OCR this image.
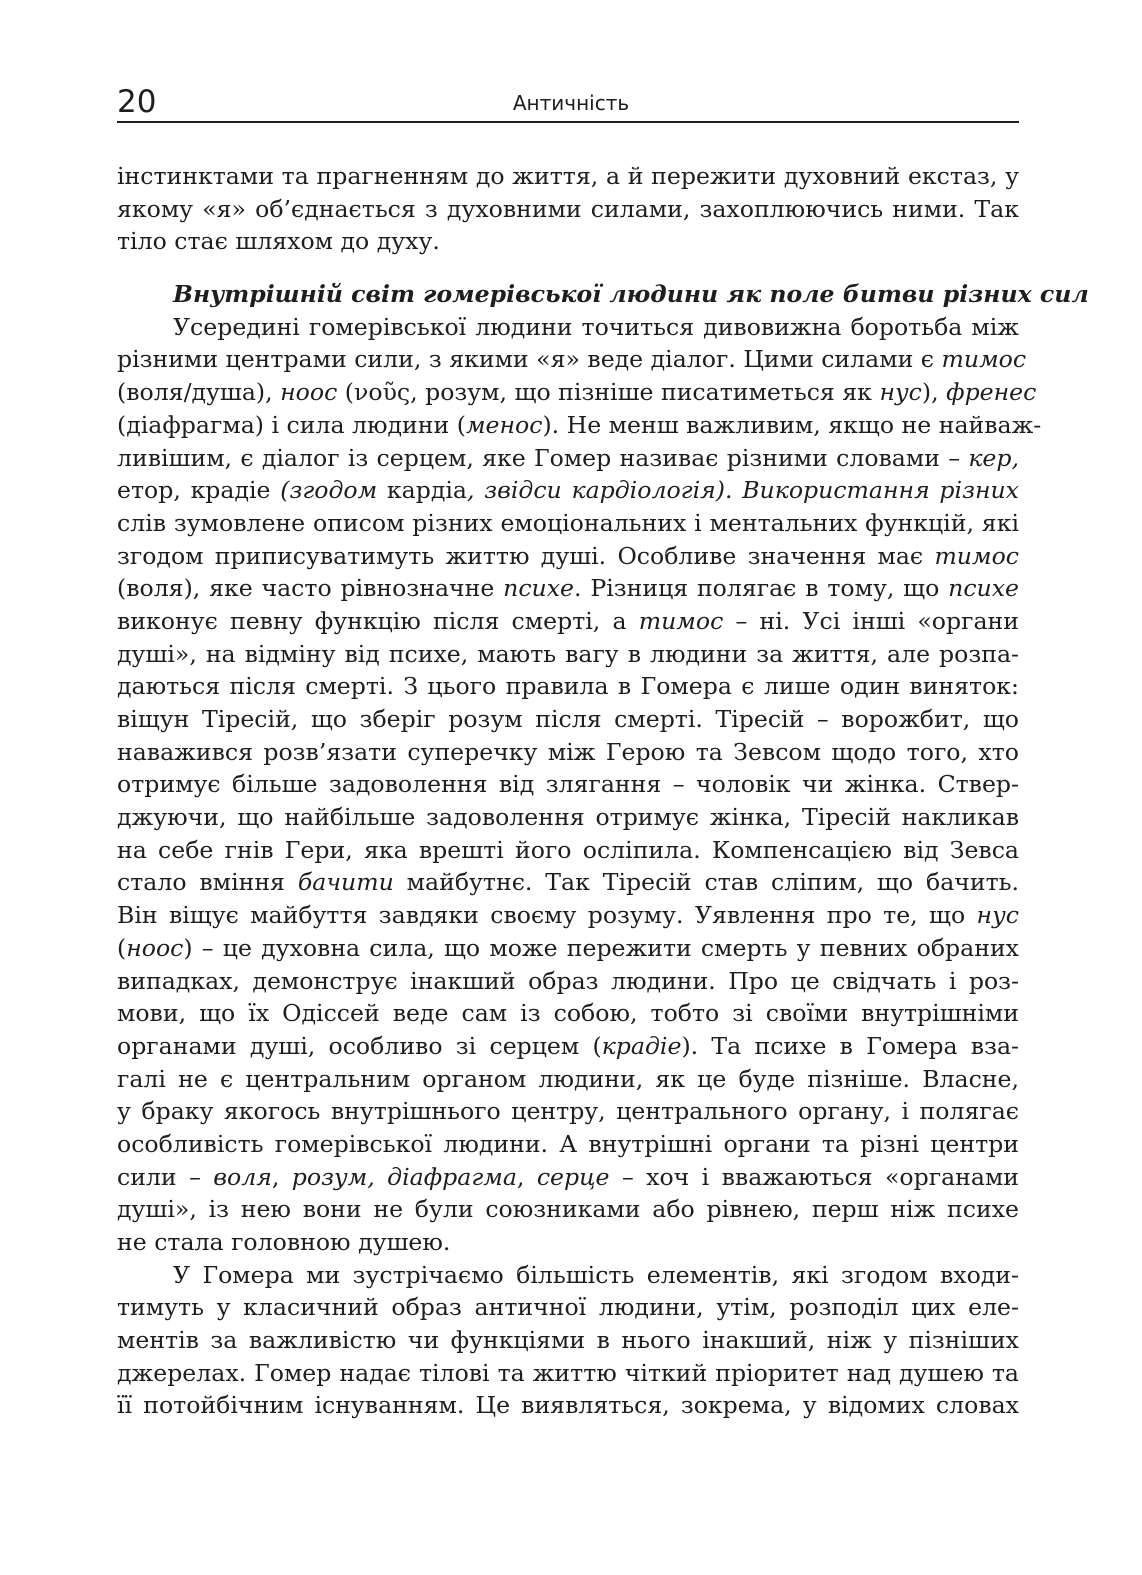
20	Античність
інстинктами та прагненням до життя, а й пережити духовний екстаз, у
якому «я» об’єднається з духовними силами, захоплюючись ними. Так
тіло стає шляхом до духу.
Внутрішній світ гомерівської людини як поле битви різних сил
Усередині гомерівської людини точиться дивовижна боротьба між
різними центрами сили, з якими «я» веде діалог. Цими силами є тимос
(воля/душа), ноос (νοῦς, розум, що пізніше писатиметься як нус), френес
(діафрагма) і сила людини (менос). Не менш важливим, якщо не найваж-
ливішим, є діалог із серцем, яке Гомер називає різними словами – кер,
етор, крадіе (згодом кардіа, звідси кардіологія). Використання різних
слів зумовлене описом різних емоціональних і ментальних функцій, які
згодом приписуватимуть життю душі. Особливе значення має тимос
(воля), яке часто рівнозначне психе. Різниця полягає в тому, що психе
виконує певну функцію після смерті, а тимос – ні. Усі інші «органи
душі», на відміну від психе, мають вагу в людини за життя, але розпа-
даються після смерті. З цього правила в Гомера є лише один виняток:
віщун Тіресій, що зберіг розум після смерті. Тіресій – ворожбит, що
наважився розв’язати суперечку між Герою та Зевсом щодо того, хто
отримує більше задоволення від злягання – чоловік чи жінка. Ствер-
джуючи, що найбільше задоволення отримує жінка, Тіресій накликав
на себе гнів Гери, яка врешті його осліпила. Компенсацією від Зевса
стало вміння бачити майбутнє. Так Тіресій став сліпим, що бачить.
Він віщує майбуття завдяки своєму розуму. Уявлення про те, що нус
(ноос) – це духовна сила, що може пережити смерть у певних обраних
випадках, демонструє інакший образ людини. Про це свідчать і роз-
мови, що їх Одіссей веде сам із собою, тобто зі своїми внутрішніми
органами душі, особливо зі серцем (крадіе). Та психе в Гомера вза-
галі не є центральним органом людини, як це буде пізніше. Власне,
у браку якогось внутрішнього центру, центрального органу, і полягає
особливість гомерівської людини. А внутрішні органи та різні центри
сили – воля, розум, діафрагма, серце – хоч і вважаються «органами
душі», із нею вони не були союзниками або рівнею, перш ніж психе
не стала головною душею.
У Гомера ми зустрічаємо більшість елементів, які згодом входи-
тимуть у класичний образ античної людини, утім, розподіл цих еле-
ментів за важливістю чи функціями в нього інакший, ніж у пізніших
джерелах. Гомер надає тілові та життю чіткий пріоритет над душею та
її потойбічним існуванням. Це виявляться, зокрема, у відомих словах
